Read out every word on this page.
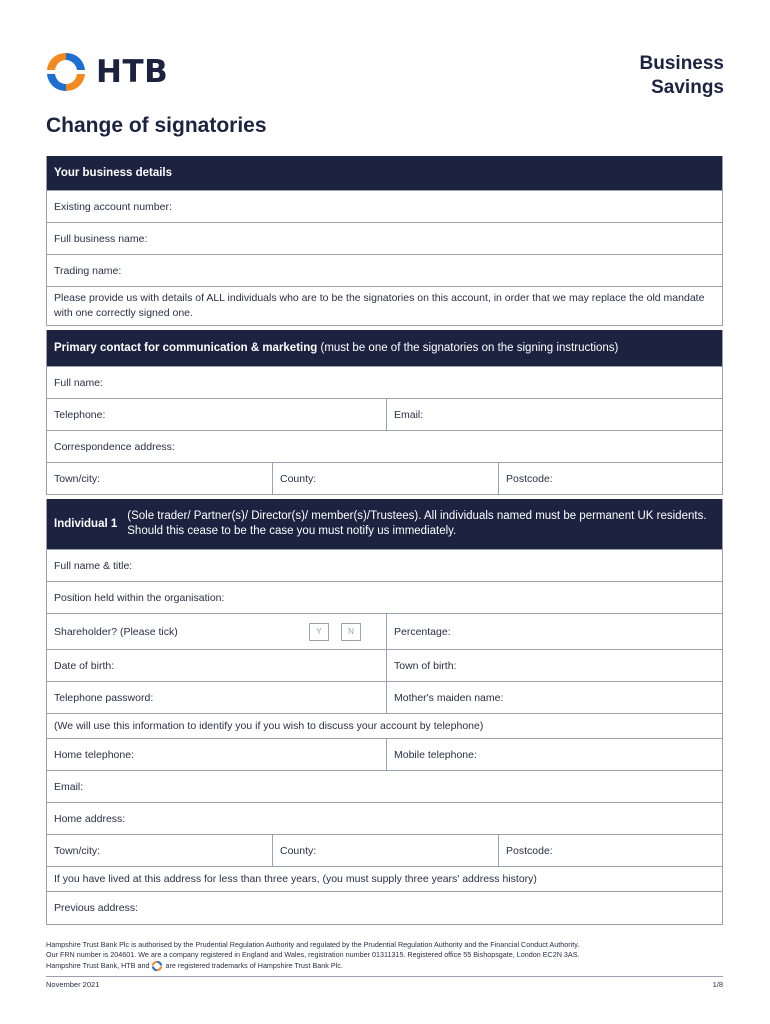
HTB	Business
Savings
Change of signatories
Your business details
Existing account number:
Full business name:
Trading name:
Please provide us with details of ALL individuals who are to be the signatories on this account, in order that we may replace the old mandate with one correctly signed one.
Primary contact for communication & marketing (must be one of the signatories on the signing instructions)
Full name:
Telephone:	Email:
Correspondence address:
Town/city:	County:	Postcode:
Individual 1
(Sole trader/ Partner(s)/ Director(s)/ member(s)/Trustees). All individuals named must be permanent UK residents. Should this cease to be the case you must notify us immediately.
Full name & title:
Position held within the organisation:
Shareholder? (Please tick)	Y	N	Percentage:
Date of birth:	Town of birth:
Telephone password:	Mother's maiden name:
(We will use this information to identify you if you wish to discuss your account by telephone)
Home telephone:	Mobile telephone:
Email:
Home address:
Town/city:	County:	Postcode:
If you have lived at this address for less than three years, (you must supply three years' address history)
Previous address:
Hampshire Trust Bank Plc is authorised by the Prudential Regulation Authority and regulated by the Prudential Regulation Authority and the Financial Conduct Authority.
Our FRN number is 204601. We are a company registered in England and Wales, registration number 01311315. Registered office 55 Bishopsgate, London EC2N 3AS.
Hampshire Trust Bank, HTB and are registered trademarks of Hampshire Trust Bank Plc.
November 2021	1/8
